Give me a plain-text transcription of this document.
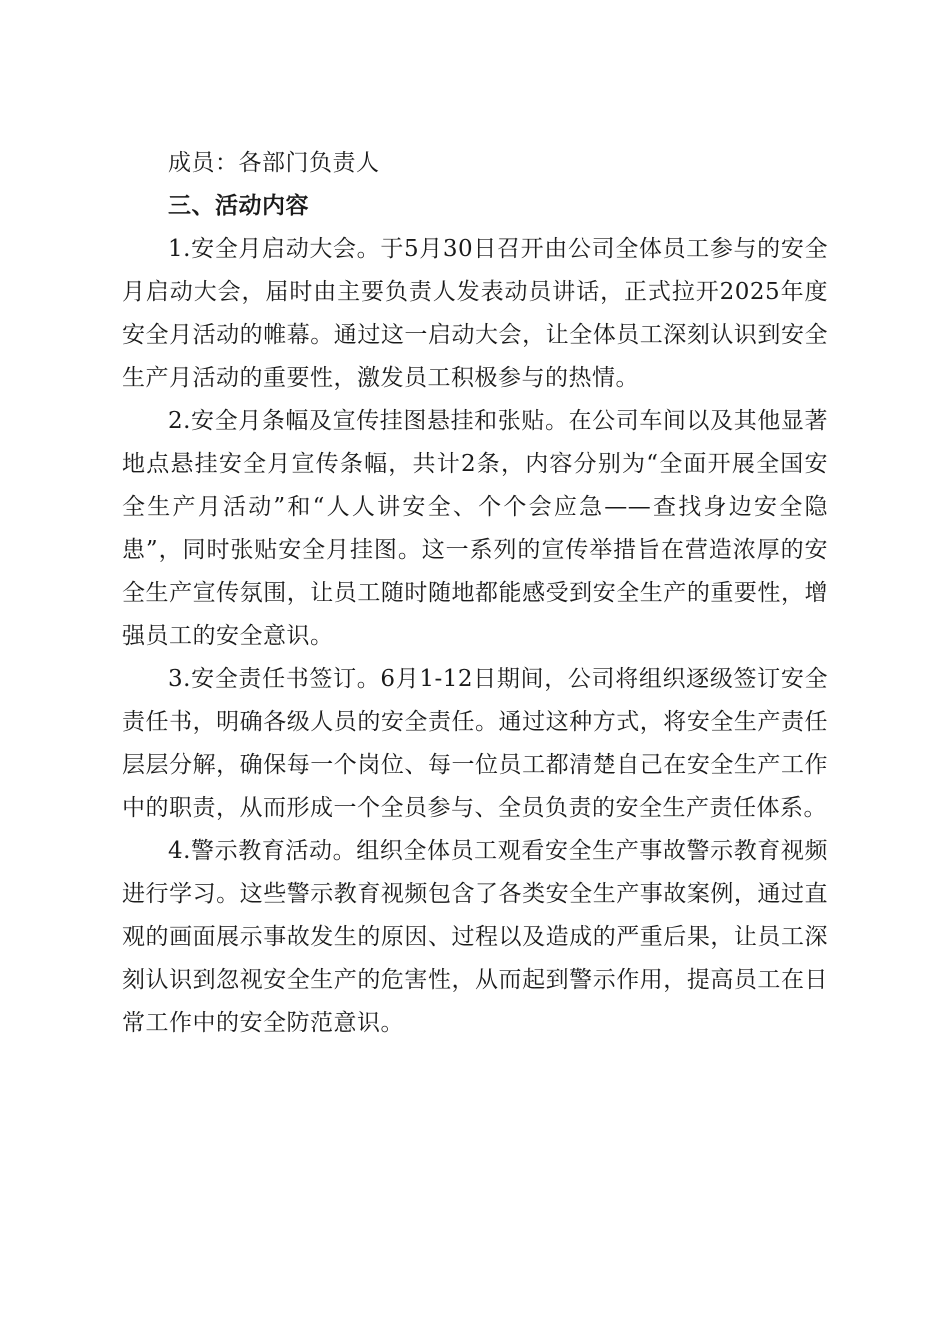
成员：各部门负责人

三、活动内容

1.安全月启动大会。于5月30日召开由公司全体员工参与的安全月启动大会，届时由主要负责人发表动员讲话，正式拉开2025年度安全月活动的帷幕。通过这一启动大会，让全体员工深刻认识到安全生产月活动的重要性，激发员工积极参与的热情。

2.安全月条幅及宣传挂图悬挂和张贴。在公司车间以及其他显著地点悬挂安全月宣传条幅，共计2条，内容分别为“全面开展全国安全生产月活动”和“人人讲安全、个个会应急——查找身边安全隐患”，同时张贴安全月挂图。这一系列的宣传举措旨在营造浓厚的安全生产宣传氛围，让员工随时随地都能感受到安全生产的重要性，增强员工的安全意识。

3.安全责任书签订。6月1-12日期间，公司将组织逐级签订安全责任书，明确各级人员的安全责任。通过这种方式，将安全生产责任层层分解，确保每一个岗位、每一位员工都清楚自己在安全生产工作中的职责，从而形成一个全员参与、全员负责的安全生产责任体系。

4.警示教育活动。组织全体员工观看安全生产事故警示教育视频进行学习。这些警示教育视频包含了各类安全生产事故案例，通过直观的画面展示事故发生的原因、过程以及造成的严重后果，让员工深刻认识到忽视安全生产的危害性，从而起到警示作用，提高员工在日常工作中的安全防范意识。
